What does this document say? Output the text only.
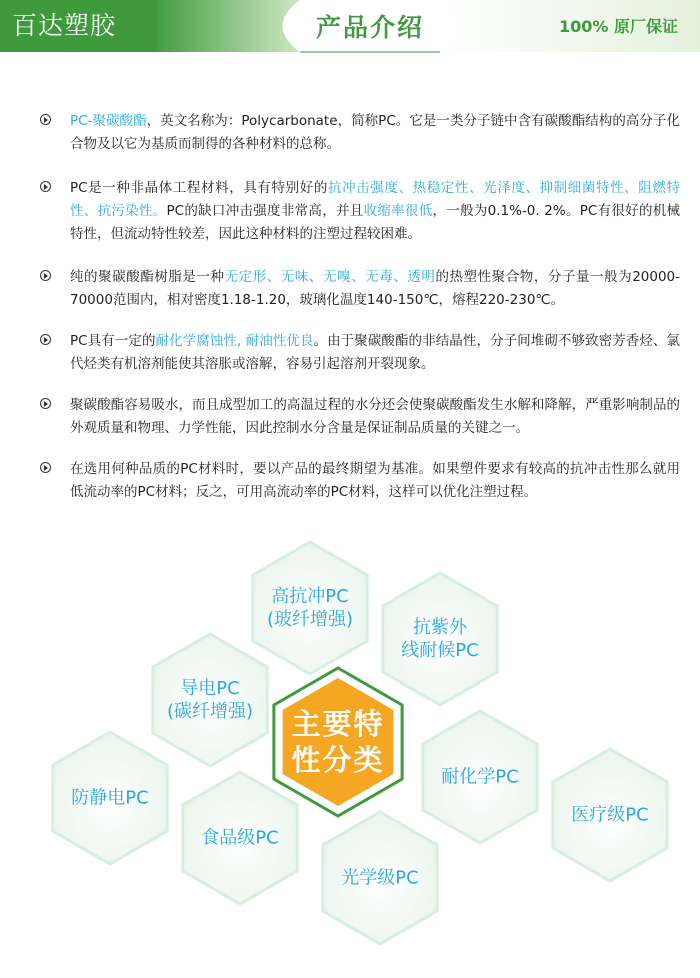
百达塑胶	产品介绍	100% 原厂保证
PC-聚碳酸酯，英文名称为：Polycarbonate，简称PC。它是一类分子链中含有碳酸酯结构的高分子化合物及以它为基质而制得的各种材料的总称。
PC是一种非晶体工程材料，具有特别好的抗冲击强度、热稳定性、光泽度、抑制细菌特性、阻燃特性、抗污染性。PC的缺口冲击强度非常高，并且收缩率很低，一般为0.1%-0. 2%。PC有很好的机械特性，但流动特性较差，因此这种材料的注塑过程较困难。
纯的聚碳酸酯树脂是一种无定形、无味、无嗅、无毒、透明的热塑性聚合物，分子量一般为20000-70000范围内，相对密度1.18-1.20，玻璃化温度140-150℃，熔程220-230℃。
PC具有一定的耐化学腐蚀性, 耐油性优良。由于聚碳酸酯的非结晶性，分子间堆砌不够致密芳香烃、氯代烃类有机溶剂能使其溶胀或溶解，容易引起溶剂开裂现象。
聚碳酸酯容易吸水，而且成型加工的高温过程的水分还会使聚碳酸酯发生水解和降解，严重影响制品的外观质量和物理、力学性能，因此控制水分含量是保证制品质量的关键之一。
在选用何种品质的PC材料时，要以产品的最终期望为基准。如果塑件要求有较高的抗冲击性那么就用低流动率的PC材料；反之，可用高流动率的PC材料，这样可以优化注塑过程。
高抗冲PC
(玻纤增强)	抗紫外
线耐候PC
导电PC
(碳纤增强)
耐化学PC
防静电PC
食品级PC
光学级PC
医疗级PC
主要特
性分类
